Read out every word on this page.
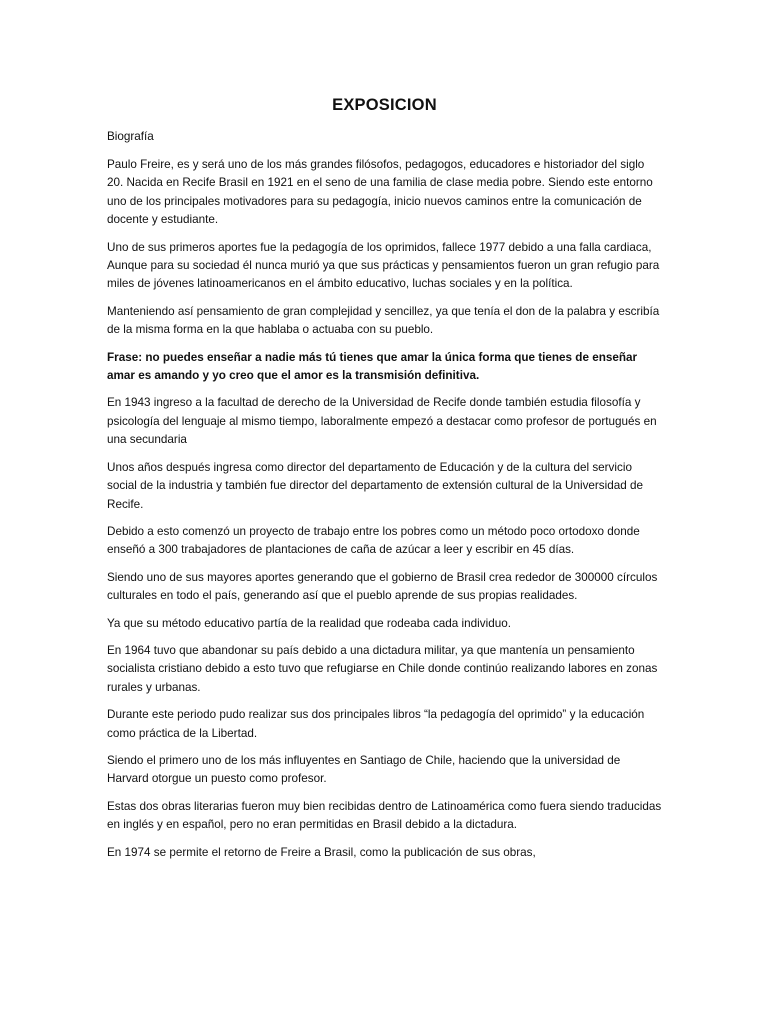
EXPOSICION

Biografía

Paulo Freire, es y será uno de los más grandes filósofos, pedagogos, educadores e historiador del siglo 20. Nacida en Recife Brasil en 1921 en el seno de una familia de clase media pobre. Siendo este entorno uno de los principales motivadores para su pedagogía, inicio nuevos caminos entre la comunicación de docente y estudiante.

Uno de sus primeros aportes fue la pedagogía de los oprimidos, fallece 1977 debido a una falla cardiaca, Aunque para su sociedad él nunca murió ya que sus prácticas y pensamientos fueron un gran refugio para miles de jóvenes latinoamericanos en el ámbito educativo, luchas sociales y en la política.

Manteniendo así pensamiento de gran complejidad y sencillez, ya que tenía el don de la palabra y escribía de la misma forma en la que hablaba o actuaba con su pueblo.

Frase: no puedes enseñar a nadie más tú tienes que amar la única forma que tienes de enseñar amar es amando y yo creo que el amor es la transmisión definitiva.

En 1943 ingreso a la facultad de derecho de la Universidad de Recife donde también estudia filosofía y psicología del lenguaje al mismo tiempo, laboralmente empezó a destacar como profesor de portugués en una secundaria

Unos años después ingresa como director del departamento de Educación y de la cultura del servicio social de la industria y también fue director del departamento de extensión cultural de la Universidad de Recife.

Debido a esto comenzó un proyecto de trabajo entre los pobres como un método poco ortodoxo donde enseñó a 300 trabajadores de plantaciones de caña de azúcar a leer y escribir en 45 días.

Siendo uno de sus mayores aportes generando que el gobierno de Brasil crea rededor de 300000 círculos culturales en todo el país, generando así que el pueblo aprende de sus propias realidades.

Ya que su método educativo partía de la realidad que rodeaba cada individuo.

En 1964 tuvo que abandonar su país debido a una dictadura militar, ya que mantenía un pensamiento socialista cristiano debido a esto tuvo que refugiarse en Chile donde continúo realizando labores en zonas rurales y urbanas.

Durante este periodo pudo realizar sus dos principales libros “la pedagogía del oprimido” y la educación como práctica de la Libertad.

Siendo el primero uno de los más influyentes en Santiago de Chile, haciendo que la universidad de Harvard otorgue un puesto como profesor.

Estas dos obras literarias fueron muy bien recibidas dentro de Latinoamérica como fuera siendo traducidas en inglés y en español, pero no eran permitidas en Brasil debido a la dictadura.

En 1974 se permite el retorno de Freire a Brasil, como la publicación de sus obras,
